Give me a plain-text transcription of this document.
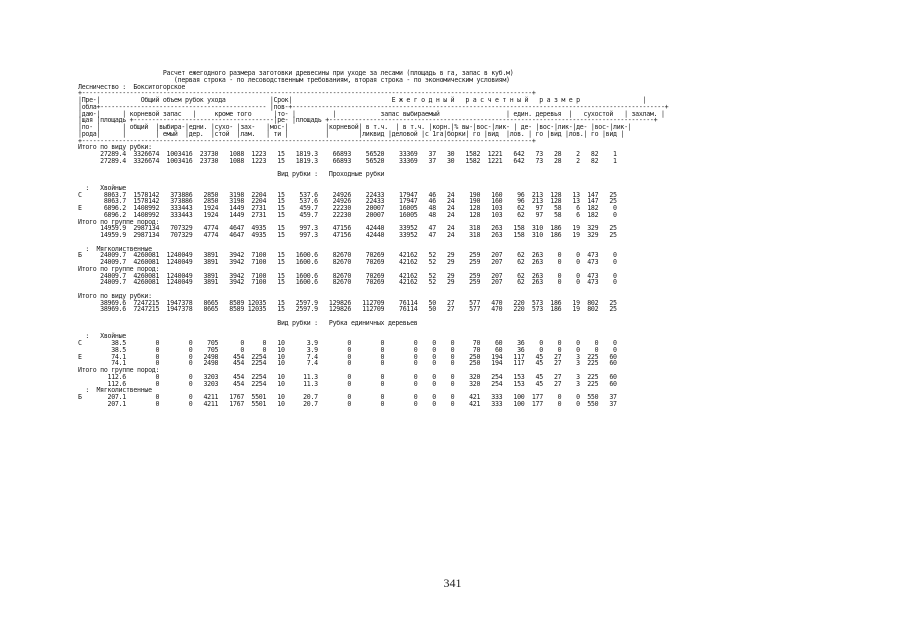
Расчет ежегодного размера заготовки древесины при уходе за лесами (площадь в га, запас в куб.м)
(первая строка - по лесоводственным требованиям, вторая строка - по экономическим условиям)
Лесничество :  Бокситогорское
+--------------------------------------------------------------------------------------------------------------------------+
|Пре-|           Общий объем рубок ухода            |Срок|                           Е ж е г о д н ы й   р а с ч е т н ы й   р а з м е р                 |
|обла+--------------------------------------------- |пов-+-----------------------------------------------------------------------------------------------------+
|даю-|      | корневой запас   |     кроме того      |то- |          |            запас выбираемый                  | един. деревья  |   сухостой   | захлам. |
|щая |площадь +--------------------------------------|ре- |площадь +----------------------------------------------------------------------------------------+
|по- |      | общий  |выбира-|едни. |сухо- |зах-   |мос-|          |корневой| в т.ч.  | в т.ч. |корн.|% вы-|вос-|лик- | де- |вос-|лик-|де- |вос-|лик-|
|рода|      |        | емый  |дер.  |стой  |лам.   | ти |          |        |ликвид |деловой |с 1га|борки| го |вид  |лов. | го |вид |лов.| го |вид |
+--------------------------------------------------------------------------------------------------------------------------+
Итого по виду рубки:
27289.4  3326674  1003416  23730   1088  1223   15   1819.3    66893    56520    33369   37   30   1582  1221   642   73   28    2   82    1
27289.4  3326674  1003416  23730   1088  1223   15   1819.3    66893    56520    33369   37   30   1582  1221   642   73   28    2   82    1
Вид рубки :   Проходные рубки
:   Хвойные
С      8063.7  1578142   373886   2850   3198  2204   15    537.6    24926    22433    17947   46   24    190   160    96  213  128   13  147   25
8063.7  1578142   373886   2850   3198  2204   15    537.6    24926    22433    17947   46   24    190   160    96  213  128   13  147   25
Е      6896.2  1408992   333443   1924   1449  2731   15    459.7    22230    20007    16005   48   24    128   103    62   97   58    6  182    0
6896.2  1408992   333443   1924   1449  2731   15    459.7    22230    20007    16005   48   24    128   103    62   97   58    6  182    0
Итого по группе пород:
14959.9  2987134   707329   4774   4647  4935   15    997.3    47156    42440    33952   47   24    318   263   158  310  186   19  329   25
14959.9  2987134   707329   4774   4647  4935   15    997.3    47156    42440    33952   47   24    318   263   158  310  186   19  329   25
:  Мягколиственные
Б     24009.7  4260081  1240049   3891   3942  7100   15   1600.6    82670    70269    42162   52   29    259   207    62  263    0    0  473    0
24009.7  4260081  1240049   3891   3942  7100   15   1600.6    82670    70269    42162   52   29    259   207    62  263    0    0  473    0
Итого по группе пород:
24009.7  4260081  1240049   3891   3942  7100   15   1600.6    82670    70269    42162   52   29    259   207    62  263    0    0  473    0
24009.7  4260081  1240049   3891   3942  7100   15   1600.6    82670    70269    42162   52   29    259   207    62  263    0    0  473    0
Итого по виду рубки:
38969.6  7247215  1947378   8665   8589 12035   15   2597.9   129826   112709    76114   50   27    577   470   220  573  186   19  802   25
38969.6  7247215  1947378   8665   8589 12035   15   2597.9   129826   112709    76114   50   27    577   470   220  573  186   19  802   25
Вид рубки :   Рубка единичных деревьев
:   Хвойные
С        38.5        0        0    705      0     0   10      3.9        0        0        0    0    0     70    60    36    0    0    0    0    0
38.5        0        0    705      0     0   10      3.9        0        0        0    0    0     70    60    36    0    0    0    0    0
Е        74.1        0        0   2498    454  2254   10      7.4        0        0        0    0    0    250   194   117   45   27    3  225   60
74.1        0        0   2498    454  2254   10      7.4        0        0        0    0    0    250   194   117   45   27    3  225   60
Итого по группе пород:
112.6        0        0   3203    454  2254   10     11.3        0        0        0    0    0    320   254   153   45   27    3  225   60
112.6        0        0   3203    454  2254   10     11.3        0        0        0    0    0    320   254   153   45   27    3  225   60
:  Мягколиственные
Б       207.1        0        0   4211   1767  5501   10     20.7        0        0        0    0    0    421   333   100  177    0    0  550   37
207.1        0        0   4211   1767  5501   10     20.7        0        0        0    0    0    421   333   100  177    0    0  550   37
341
